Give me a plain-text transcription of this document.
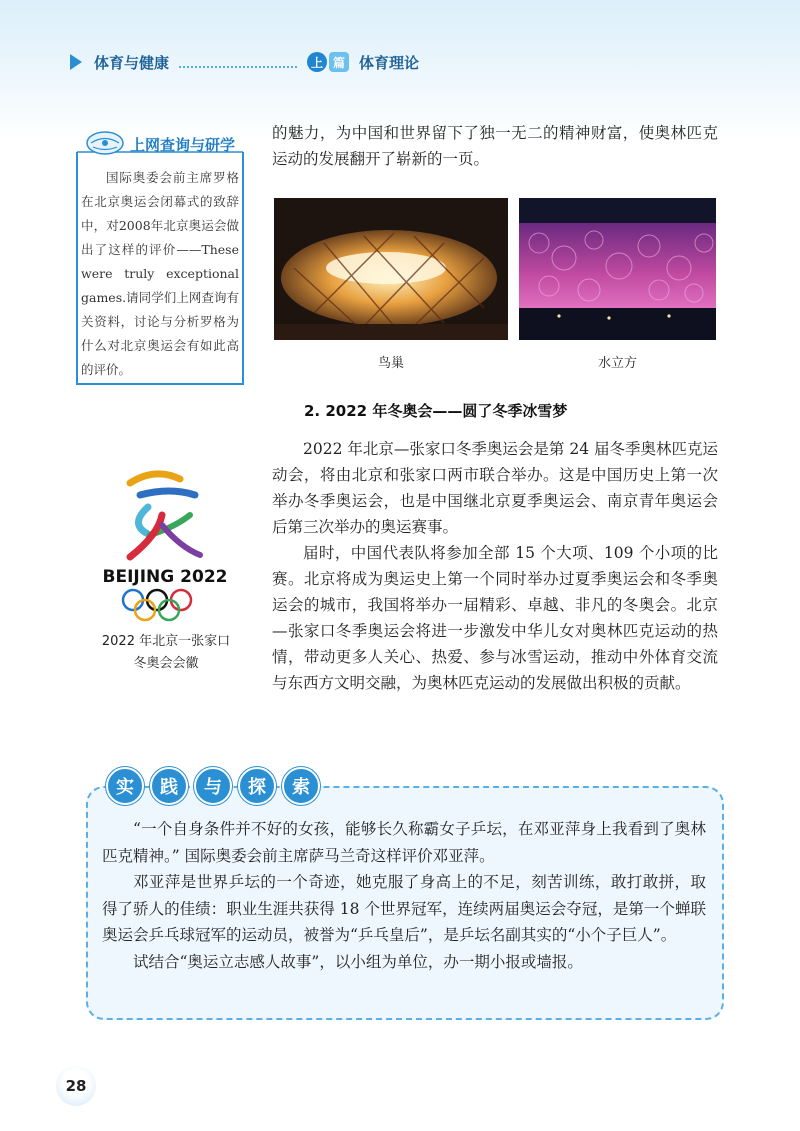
体育与健康	上 篇 体育理论
上网查询与研学

国际奥委会前主席罗格在北京奥运会闭幕式的致辞中，对2008年北京奥运会做出了这样的评价——These were truly exceptional games.请同学们上网查询有关资料，讨论与分析罗格为什么对北京奥运会有如此高的评价。

BEIJING 2022
2022 年北京一张家口
冬奥会会徽

的魅力，为中国和世界留下了独一无二的精神财富，使奥林匹克运动的发展翻开了崭新的一页。

鸟巢	水立方
2. 2022 年冬奥会——圆了冬季冰雪梦

2022 年北京—张家口冬季奥运会是第 24 届冬季奥林匹克运动会，将由北京和张家口两市联合举办。这是中国历史上第一次举办冬季奥运会，也是中国继北京夏季奥运会、南京青年奥运会后第三次举办的奥运赛事。

届时，中国代表队将参加全部 15 个大项、109 个小项的比赛。北京将成为奥运史上第一个同时举办过夏季奥运会和冬季奥运会的城市，我国将举办一届精彩、卓越、非凡的冬奥会。北京—张家口冬季奥运会将进一步激发中华儿女对奥林匹克运动的热情，带动更多人关心、热爱、参与冰雪运动，推动中外体育交流与东西方文明交融，为奥林匹克运动的发展做出积极的贡献。

实	践	与	探	索

“一个自身条件并不好的女孩，能够长久称霸女子乒坛，在邓亚萍身上我看到了奥林匹克精神。” 国际奥委会前主席萨马兰奇这样评价邓亚萍。

邓亚萍是世界乒坛的一个奇迹，她克服了身高上的不足，刻苦训练，敢打敢拼，取得了骄人的佳绩：职业生涯共获得 18 个世界冠军，连续两届奥运会夺冠，是第一个蝉联奥运会乒乓球冠军的运动员，被誉为“乒乓皇后”，是乒坛名副其实的“小个子巨人”。

试结合“奥运立志感人故事”，以小组为单位，办一期小报或墙报。

28
